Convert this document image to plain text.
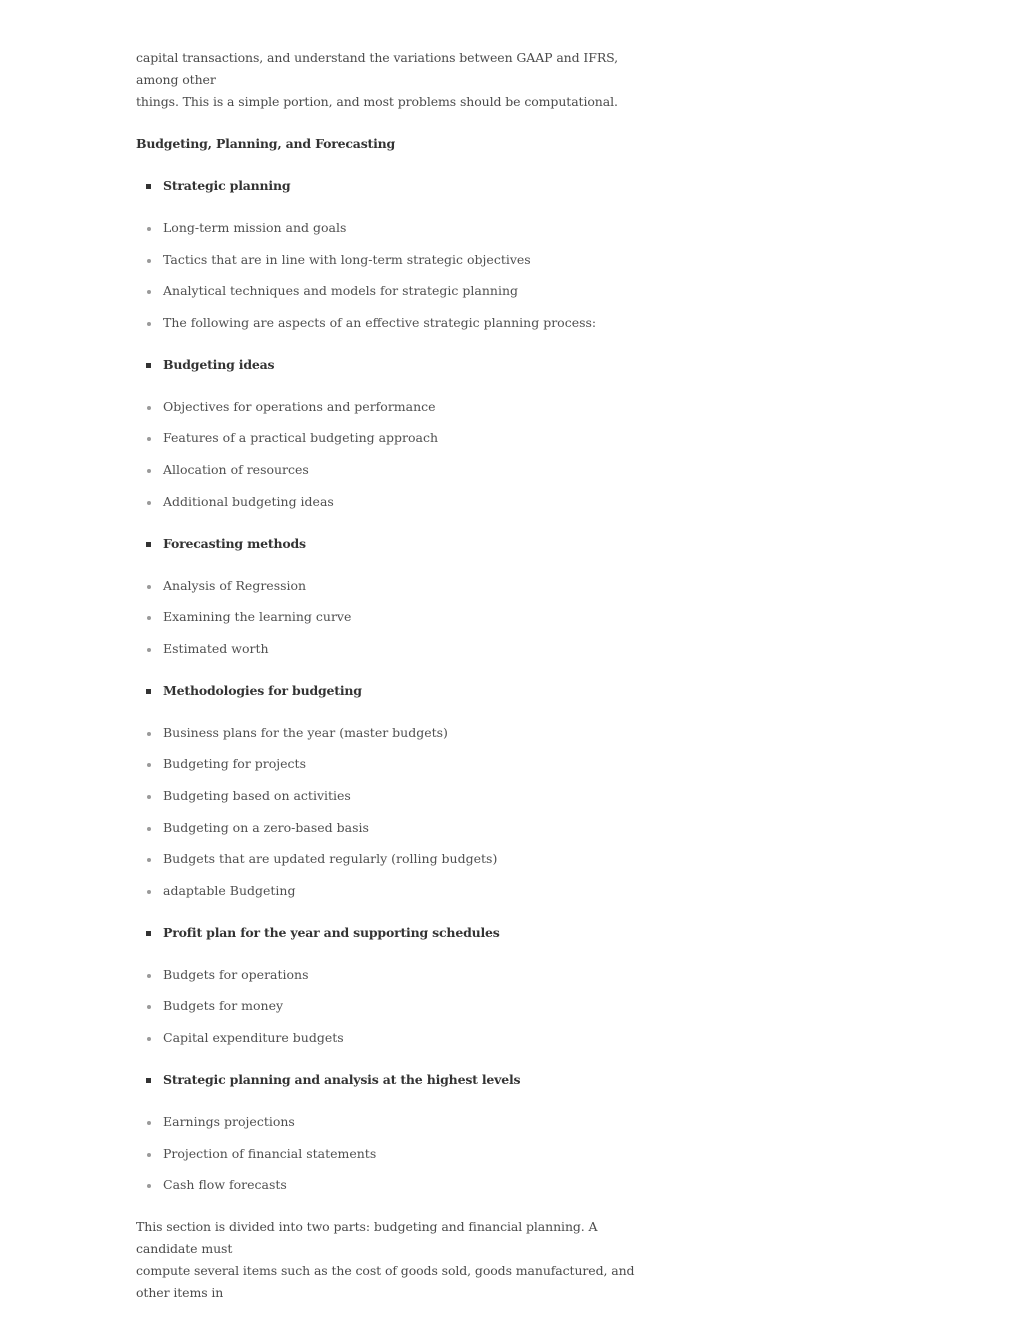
capital transactions, and understand the variations between GAAP and IFRS, among other
things. This is a simple portion, and most problems should be computational.

Budgeting, Planning, and Forecasting

Strategic planning

Long-term mission and goals
Tactics that are in line with long-term strategic objectives
Analytical techniques and models for strategic planning
The following are aspects of an effective strategic planning process:

Budgeting ideas

Objectives for operations and performance
Features of a practical budgeting approach
Allocation of resources
Additional budgeting ideas

Forecasting methods

Analysis of Regression
Examining the learning curve
Estimated worth

Methodologies for budgeting

Business plans for the year (master budgets)
Budgeting for projects
Budgeting based on activities
Budgeting on a zero-based basis
Budgets that are updated regularly (rolling budgets)
adaptable Budgeting

Profit plan for the year and supporting schedules

Budgets for operations
Budgets for money
Capital expenditure budgets

Strategic planning and analysis at the highest levels

Earnings projections
Projection of financial statements
Cash flow forecasts

This section is divided into two parts: budgeting and financial planning. A candidate must
compute several items such as the cost of goods sold, goods manufactured, and other items in
